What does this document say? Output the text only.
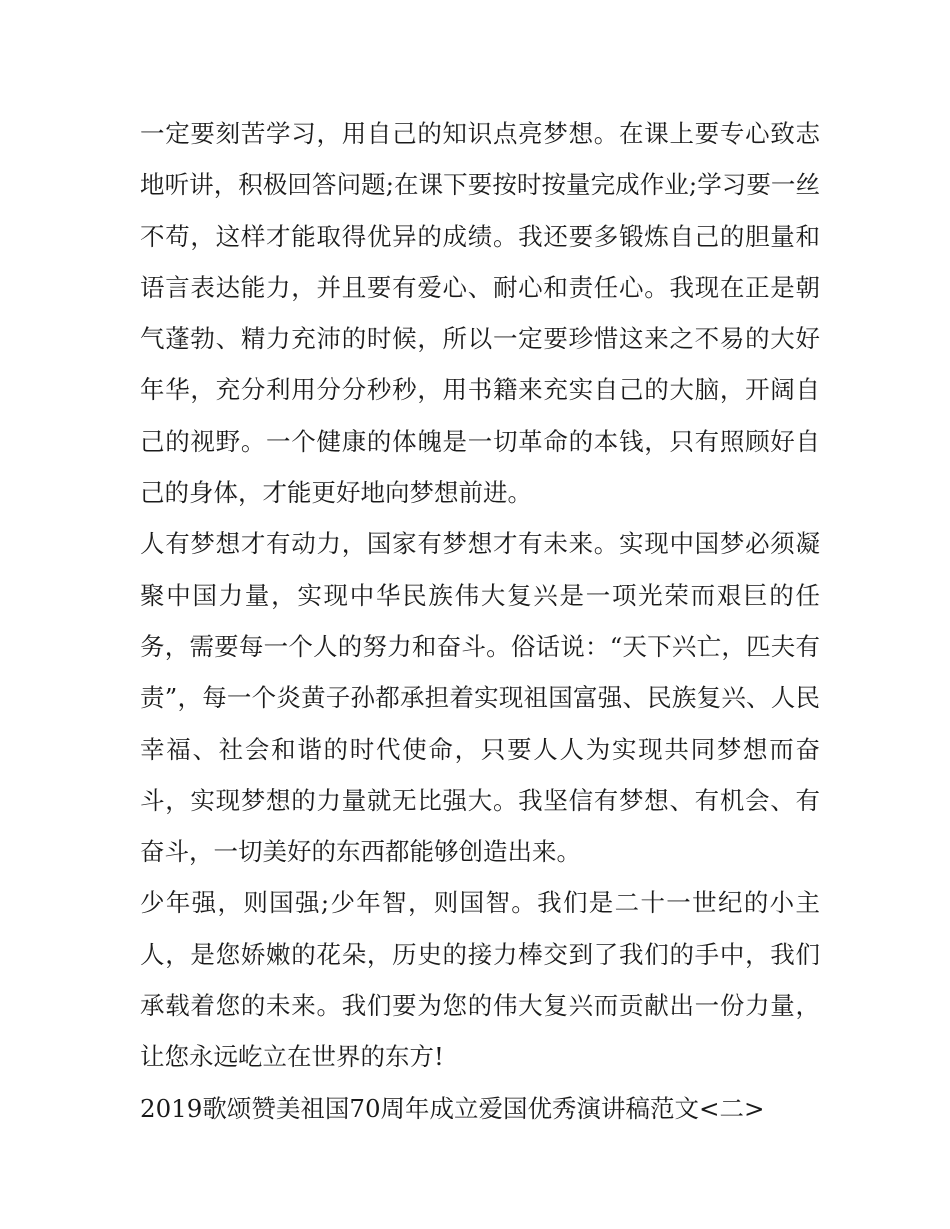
一定要刻苦学习，用自己的知识点亮梦想。在课上要专心致志地听讲，积极回答问题;在课下要按时按量完成作业;学习要一丝不苟，这样才能取得优异的成绩。我还要多锻炼自己的胆量和语言表达能力，并且要有爱心、耐心和责任心。我现在正是朝气蓬勃、精力充沛的时候，所以一定要珍惜这来之不易的大好年华，充分利用分分秒秒，用书籍来充实自己的大脑，开阔自己的视野。一个健康的体魄是一切革命的本钱，只有照顾好自己的身体，才能更好地向梦想前进。

人有梦想才有动力，国家有梦想才有未来。实现中国梦必须凝聚中国力量，实现中华民族伟大复兴是一项光荣而艰巨的任务，需要每一个人的努力和奋斗。俗话说：“天下兴亡，匹夫有责”，每一个炎黄子孙都承担着实现祖国富强、民族复兴、人民幸福、社会和谐的时代使命，只要人人为实现共同梦想而奋斗，实现梦想的力量就无比强大。我坚信有梦想、有机会、有奋斗，一切美好的东西都能够创造出来。

少年强，则国强;少年智，则国智。我们是二十一世纪的小主人，是您娇嫩的花朵，历史的接力棒交到了我们的手中，我们承载着您的未来。我们要为您的伟大复兴而贡献出一份力量，让您永远屹立在世界的东方!

2019歌颂赞美祖国70周年成立爱国优秀演讲稿范文<二>
